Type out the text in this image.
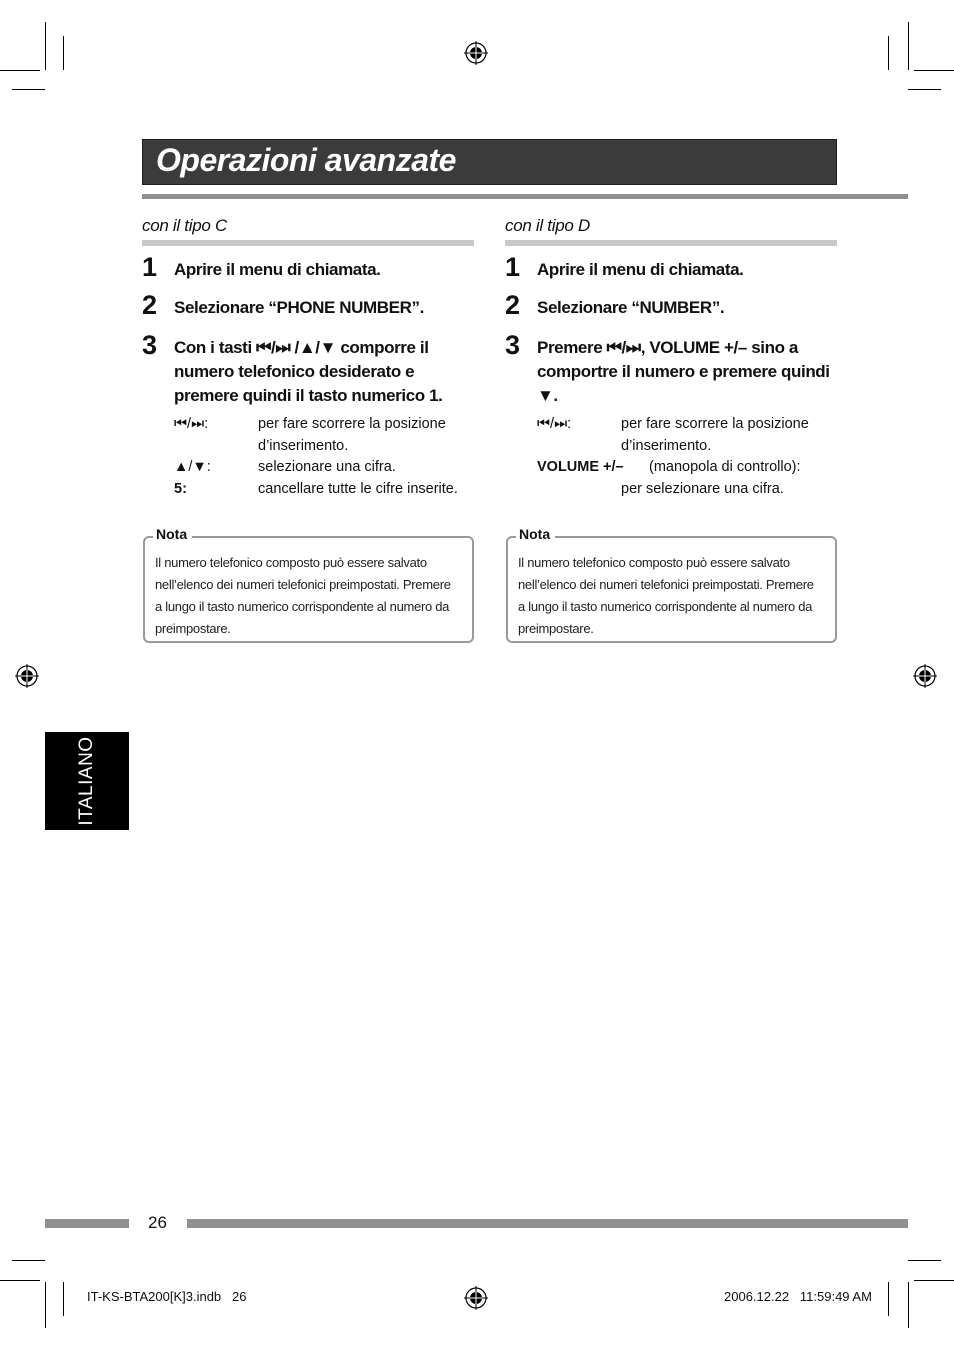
Operazioni avanzate
con il tipo C
1 Aprire il menu di chiamata.
2 Selezionare “PHONE NUMBER”.
3 Con i tasti ⏮/⏭ /▲/▼ comporre il numero telefonico desiderato e premere quindi il tasto numerico 1.
⏮/⏭:	per fare scorrere la posizione
d’inserimento.
▲/▼:	selezionare una cifra.
5:	cancellare tutte le cifre inserite.
Nota
Il numero telefonico composto può essere salvato nell’elenco dei numeri telefonici preimpostati. Premere a lungo il tasto numerico corrispondente al numero da preimpostare.
con il tipo D
1 Aprire il menu di chiamata.
2 Selezionare “NUMBER”.
3 Premere ⏮/⏭, VOLUME +/– sino a comportre il numero e premere quindi ▼.
⏮/⏭:	per fare scorrere la posizione
d’inserimento.
VOLUME +/– (manopola di controllo):
per selezionare una cifra.
Nota
Il numero telefonico composto può essere salvato nell’elenco dei numeri telefonici preimpostati. Premere a lungo il tasto numerico corrispondente al numero da preimpostare.
ITALIANO
26
IT-KS-BTA200[K]3.indb   26	2006.12.22   11:59:49 AM
